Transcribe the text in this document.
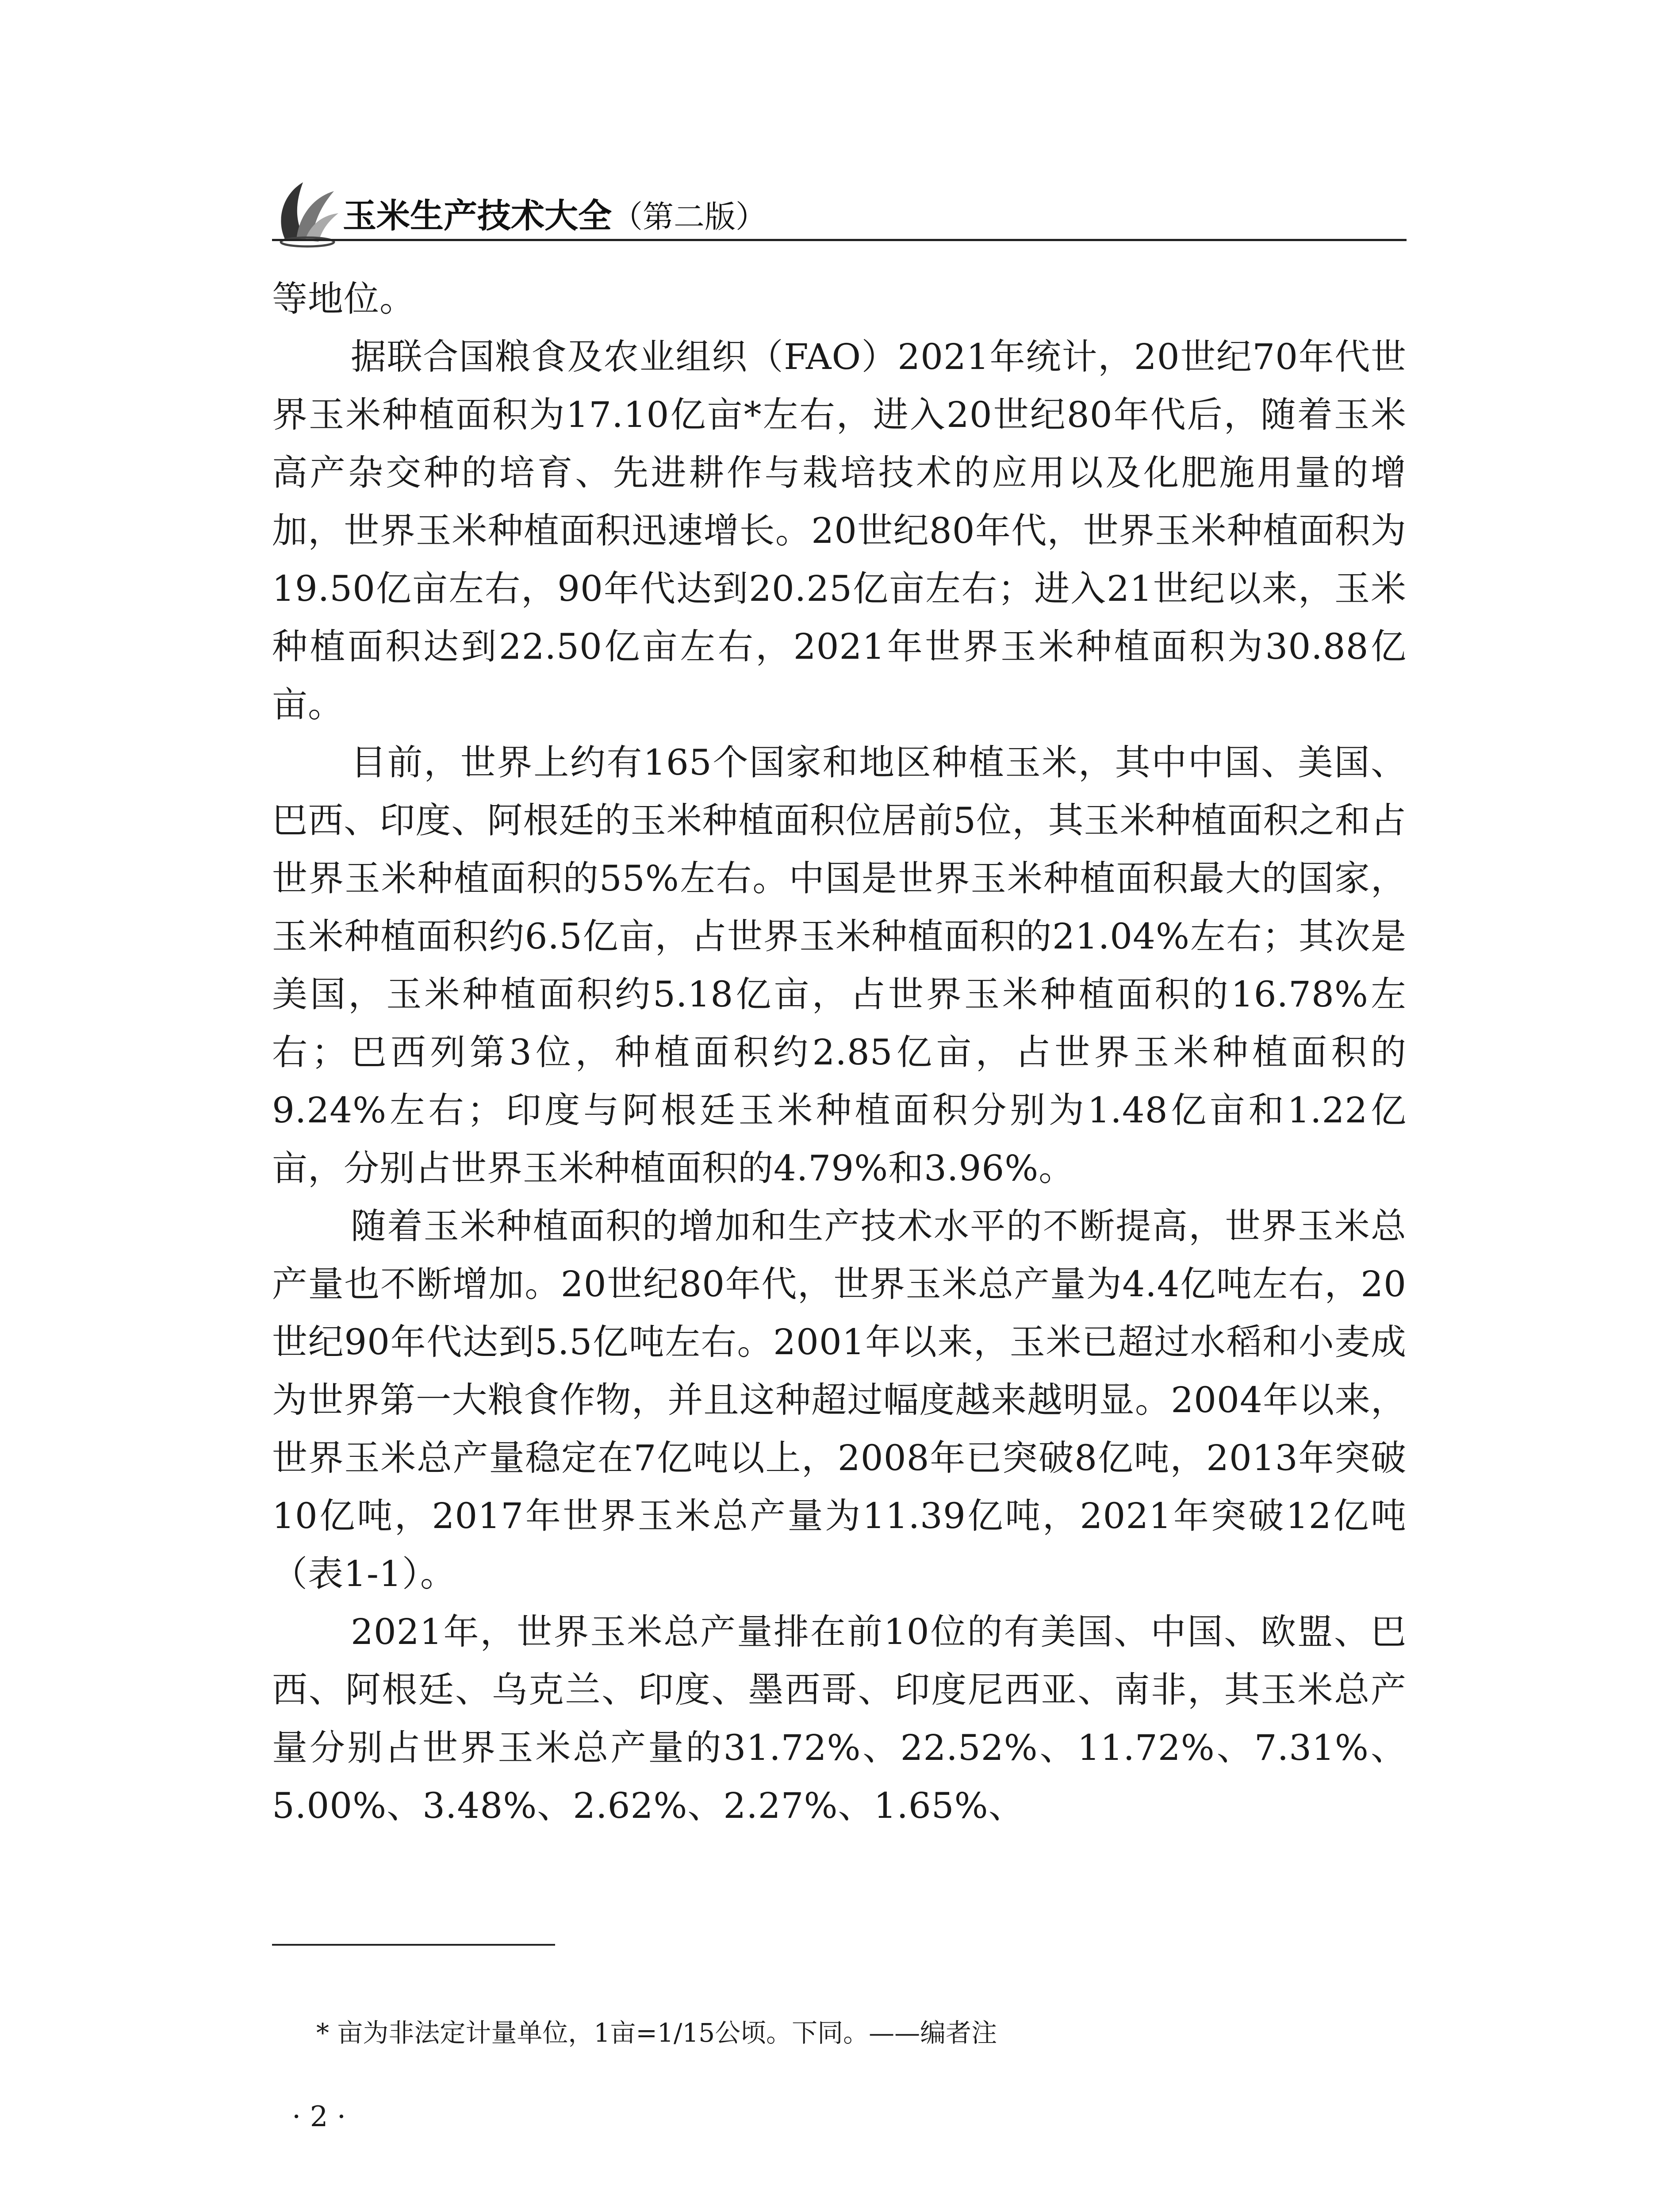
玉米生产技术大全（第二版）

等地位。

据联合国粮食及农业组织（FAO）2021年统计，20世纪70年代世界玉米种植面积为17.10亿亩*左右，进入20世纪80年代后，随着玉米高产杂交种的培育、先进耕作与栽培技术的应用以及化肥施用量的增加，世界玉米种植面积迅速增长。20世纪80年代，世界玉米种植面积为19.50亿亩左右，90年代达到20.25亿亩左右；进入21世纪以来，玉米种植面积达到22.50亿亩左右，2021年世界玉米种植面积为30.88亿亩。

目前，世界上约有165个国家和地区种植玉米，其中中国、美国、巴西、印度、阿根廷的玉米种植面积位居前5位，其玉米种植面积之和占世界玉米种植面积的55%左右。中国是世界玉米种植面积最大的国家，玉米种植面积约6.5亿亩，占世界玉米种植面积的21.04%左右；其次是美国，玉米种植面积约5.18亿亩，占世界玉米种植面积的16.78%左右；巴西列第3位，种植面积约2.85亿亩，占世界玉米种植面积的9.24%左右；印度与阿根廷玉米种植面积分别为1.48亿亩和1.22亿亩，分别占世界玉米种植面积的4.79%和3.96%。

随着玉米种植面积的增加和生产技术水平的不断提高，世界玉米总产量也不断增加。20世纪80年代，世界玉米总产量为4.4亿吨左右，20世纪90年代达到5.5亿吨左右。2001年以来，玉米已超过水稻和小麦成为世界第一大粮食作物，并且这种超过幅度越来越明显。2004年以来，世界玉米总产量稳定在7亿吨以上，2008年已突破8亿吨，2013年突破10亿吨，2017年世界玉米总产量为11.39亿吨，2021年突破12亿吨（表1-1）。

2021年，世界玉米总产量排在前10位的有美国、中国、欧盟、巴西、阿根廷、乌克兰、印度、墨西哥、印度尼西亚、南非，其玉米总产量分别占世界玉米总产量的31.72%、22.52%、11.72%、7.31%、5.00%、3.48%、2.62%、2.27%、1.65%、

* 亩为非法定计量单位，1亩=1/15公顷。下同。——编者注
· 2 ·
